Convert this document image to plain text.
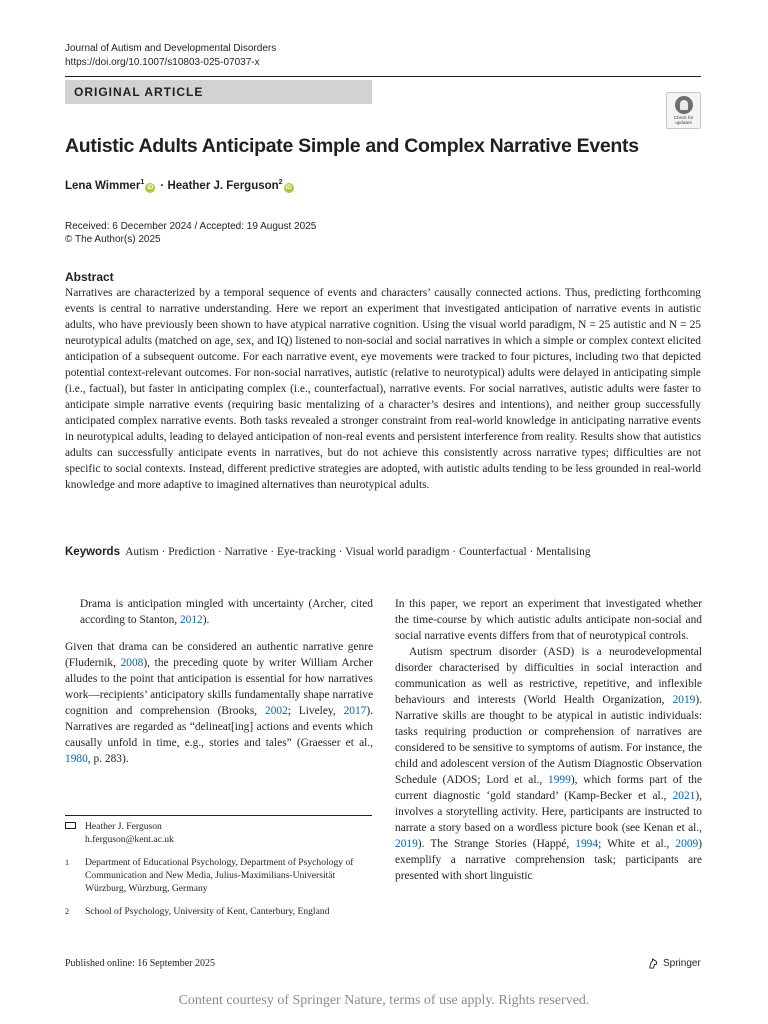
Journal of Autism and Developmental Disorders
https://doi.org/10.1007/s10803-025-07037-x
ORIGINAL ARTICLE
Check for
updates
Autistic Adults Anticipate Simple and Complex Narrative Events
Lena Wimmer$^1$iD · Heather J. Ferguson$^2$iD
Received: 6 December 2024 / Accepted: 19 August 2025
© The Author(s) 2025
Abstract

Narratives are characterized by a temporal sequence of events and characters’ causally connected actions. Thus, predicting forthcoming events is central to narrative understanding. Here we report an experiment that investigated anticipation of narrative events in autistic adults, who have previously been shown to have atypical narrative cognition. Using the visual world paradigm, N = 25 autistic and N = 25 neurotypical adults (matched on age, sex, and IQ) listened to non-social and social narratives in which a simple or complex context elicited anticipation of a subsequent outcome. For each narrative event, eye movements were tracked to four pictures, including two that depicted potential context-relevant outcomes. For non-social narratives, autistic (relative to neurotypical) adults were delayed in anticipating simple (i.e., factual), but faster in anticipating complex (i.e., counterfactual), narrative events. For social narratives, autistic adults were faster to anticipate simple narrative events (requiring basic mentalizing of a character’s desires and intentions), and neither group successfully anticipated complex narrative events. Both tasks revealed a stronger constraint from real-world knowledge in anticipating narrative events in neurotypical adults, leading to delayed anticipation of non-real events and persistent interference from reality. Results show that autistics adults can successfully anticipate events in narratives, but do not achieve this consistently across narrative types; difficulties are not specific to social contexts. Instead, different predictive strategies are adopted, with autistic adults tending to be less grounded in real-world knowledge and more adaptive to imagined alternatives than neurotypical adults.

Keywords Autism · Prediction · Narrative · Eye-tracking · Visual world paradigm · Counterfactual · Mentalising

Drama is anticipation mingled with uncertainty (Archer, cited according to Stanton, 2012).

Given that drama can be considered an authentic narrative genre (Fludernik, 2008), the preceding quote by writer William Archer alludes to the point that anticipation is essential for how narratives work—recipients’ anticipatory skills fundamentally shape narrative cognition and comprehension (Brooks, 2002; Liveley, 2017). Narratives are regarded as “delineat[ing] actions and events which causally unfold in time, e.g., stories and tales” (Graesser et al., 1980, p. 283).

In this paper, we report an experiment that investigated whether the time-course by which autistic adults anticipate non-social and social narrative events differs from that of neurotypical controls.

Autism spectrum disorder (ASD) is a neurodevelopmental disorder characterised by difficulties in social interaction and communication as well as restrictive, repetitive, and inflexible behaviours and interests (World Health Organization, 2019). Narrative skills are thought to be atypical in autistic individuals: tasks requiring production or comprehension of narratives are considered to be sensitive to symptoms of autism. For instance, the child and adolescent version of the Autism Diagnostic Observation Schedule (ADOS; Lord et al., 1999), which forms part of the current diagnostic ‘gold standard’ (Kamp-Becker et al., 2021), involves a storytelling activity. Here, participants are instructed to narrate a story based on a wordless picture book (see Kenan et al., 2019). The Strange Stories (Happé, 1994; White et al., 2009) exemplify a narrative comprehension task; participants are presented with short linguistic

Heather J. Ferguson
h.ferguson@kent.ac.uk
1	Department of Educational Psychology, Department of Psychology of Communication and New Media, Julius-Maximilians-Universität Würzburg, Würzburg, Germany
2	School of Psychology, University of Kent, Canterbury, England
Published online: 16 September 2025	Springer
Content courtesy of Springer Nature, terms of use apply. Rights reserved.
